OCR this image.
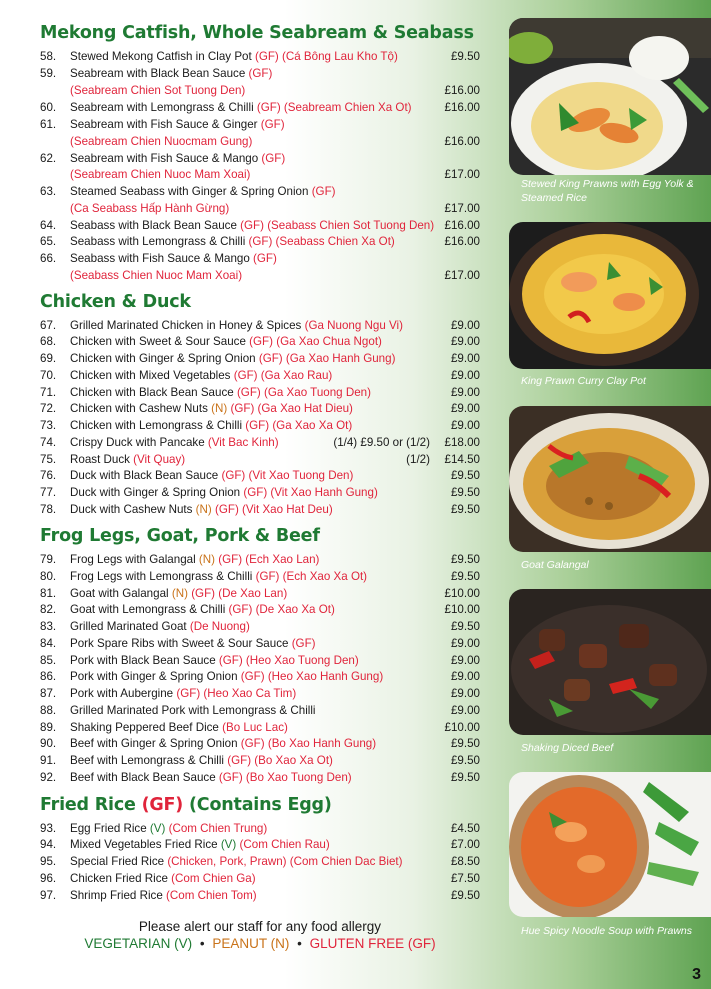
Mekong Catfish, Whole Seabream & Seabass
58.	Stewed Mekong Catfish in Clay Pot (GF) (Cá Bông Lau Kho Tộ)	£9.50
59.	Seabream with Black Bean Sauce (GF)
(Seabream Chien Sot Tuong Den)	£16.00
60.	Seabream with Lemongrass & Chilli (GF) (Seabream Chien Xa Ot)	£16.00
61.	Seabream with Fish Sauce & Ginger (GF)
(Seabream Chien Nuocmam Gung)	£16.00
62.	Seabream with Fish Sauce & Mango (GF)
(Seabream Chien Nuoc Mam Xoai)	£17.00
63.	Steamed Seabass with Ginger & Spring Onion (GF)
(Ca Seabass Hấp Hành Gừng)	£17.00
64.	Seabass with Black Bean Sauce (GF) (Seabass Chien Sot Tuong Den) £16.00
65.	Seabass with Lemongrass & Chilli (GF) (Seabass Chien Xa Ot)	£16.00
66.	Seabass with Fish Sauce & Mango (GF)
(Seabass Chien Nuoc Mam Xoai)	£17.00
Chicken & Duck
67.	Grilled Marinated Chicken in Honey & Spices (Ga Nuong Ngu Vi)	£9.00
68.	Chicken with Sweet & Sour Sauce (GF) (Ga Xao Chua Ngot)	£9.00
69.	Chicken with Ginger & Spring Onion (GF) (Ga Xao Hanh Gung)	£9.00
70.	Chicken with Mixed Vegetables (GF) (Ga Xao Rau)	£9.00
71.	Chicken with Black Bean Sauce (GF) (Ga Xao Tuong Den)	£9.00
72.	Chicken with Cashew Nuts (N) (GF) (Ga Xao Hat Dieu)	£9.00
73.	Chicken with Lemongrass & Chilli (GF) (Ga Xao Xa Ot)	£9.00
74.	Crispy Duck with Pancake (Vit Bac Kinh)	(1/4) £9.50 or (1/2) £18.00
75.	Roast Duck (Vit Quay)	(1/2) £14.50
76.	Duck with Black Bean Sauce (GF) (Vit Xao Tuong Den)	£9.50
77.	Duck with Ginger & Spring Onion (GF) (Vit Xao Hanh Gung)	£9.50
78.	Duck with Cashew Nuts (N) (GF) (Vit Xao Hat Deu)	£9.50
Frog Legs, Goat, Pork & Beef
79.	Frog Legs with Galangal (N) (GF) (Ech Xao Lan)	£9.50
80.	Frog Legs with Lemongrass & Chilli (GF) (Ech Xao Xa Ot)	£9.50
81.	Goat with Galangal (N) (GF) (De Xao Lan)	£10.00
82.	Goat with Lemongrass & Chilli (GF) (De Xao Xa Ot)	£10.00
83.	Grilled Marinated Goat (De Nuong)	£9.50
84.	Pork Spare Ribs with Sweet & Sour Sauce (GF)	£9.00
85.	Pork with Black Bean Sauce (GF) (Heo Xao Tuong Den)	£9.00
86.	Pork with Ginger & Spring Onion (GF) (Heo Xao Hanh Gung)	£9.00
87.	Pork with Aubergine (GF) (Heo Xao Ca Tim)	£9.00
88.	Grilled Marinated Pork with Lemongrass & Chilli	£9.00
89.	Shaking Peppered Beef Dice (Bo Luc Lac)	£10.00
90.	Beef with Ginger & Spring Onion (GF) (Bo Xao Hanh Gung)	£9.50
91.	Beef with Lemongrass & Chilli (GF) (Bo Xao Xa Ot)	£9.50
92.	Beef with Black Bean Sauce (GF) (Bo Xao Tuong Den)	£9.50
Fried Rice (GF) (Contains Egg)
93.	Egg Fried Rice (V) (Com Chien Trung)	£4.50
94.	Mixed Vegetables Fried Rice (V) (Com Chien Rau)	£7.00
95.	Special Fried Rice (Chicken, Pork, Prawn) (Com Chien Dac Biet)	£8.50
96.	Chicken Fried Rice (Com Chien Ga)	£7.50
97.	Shrimp Fried Rice (Com Chien Tom)	£9.50
Please alert our staff for any food allergy
VEGETARIAN (V) • PEANUT (N) • GLUTEN FREE (GF)
Stewed King Prawns with Egg Yolk & Steamed Rice
King Prawn Curry Clay Pot
Goat Galangal
Shaking Diced Beef
Hue Spicy Noodle Soup with Prawns
3
